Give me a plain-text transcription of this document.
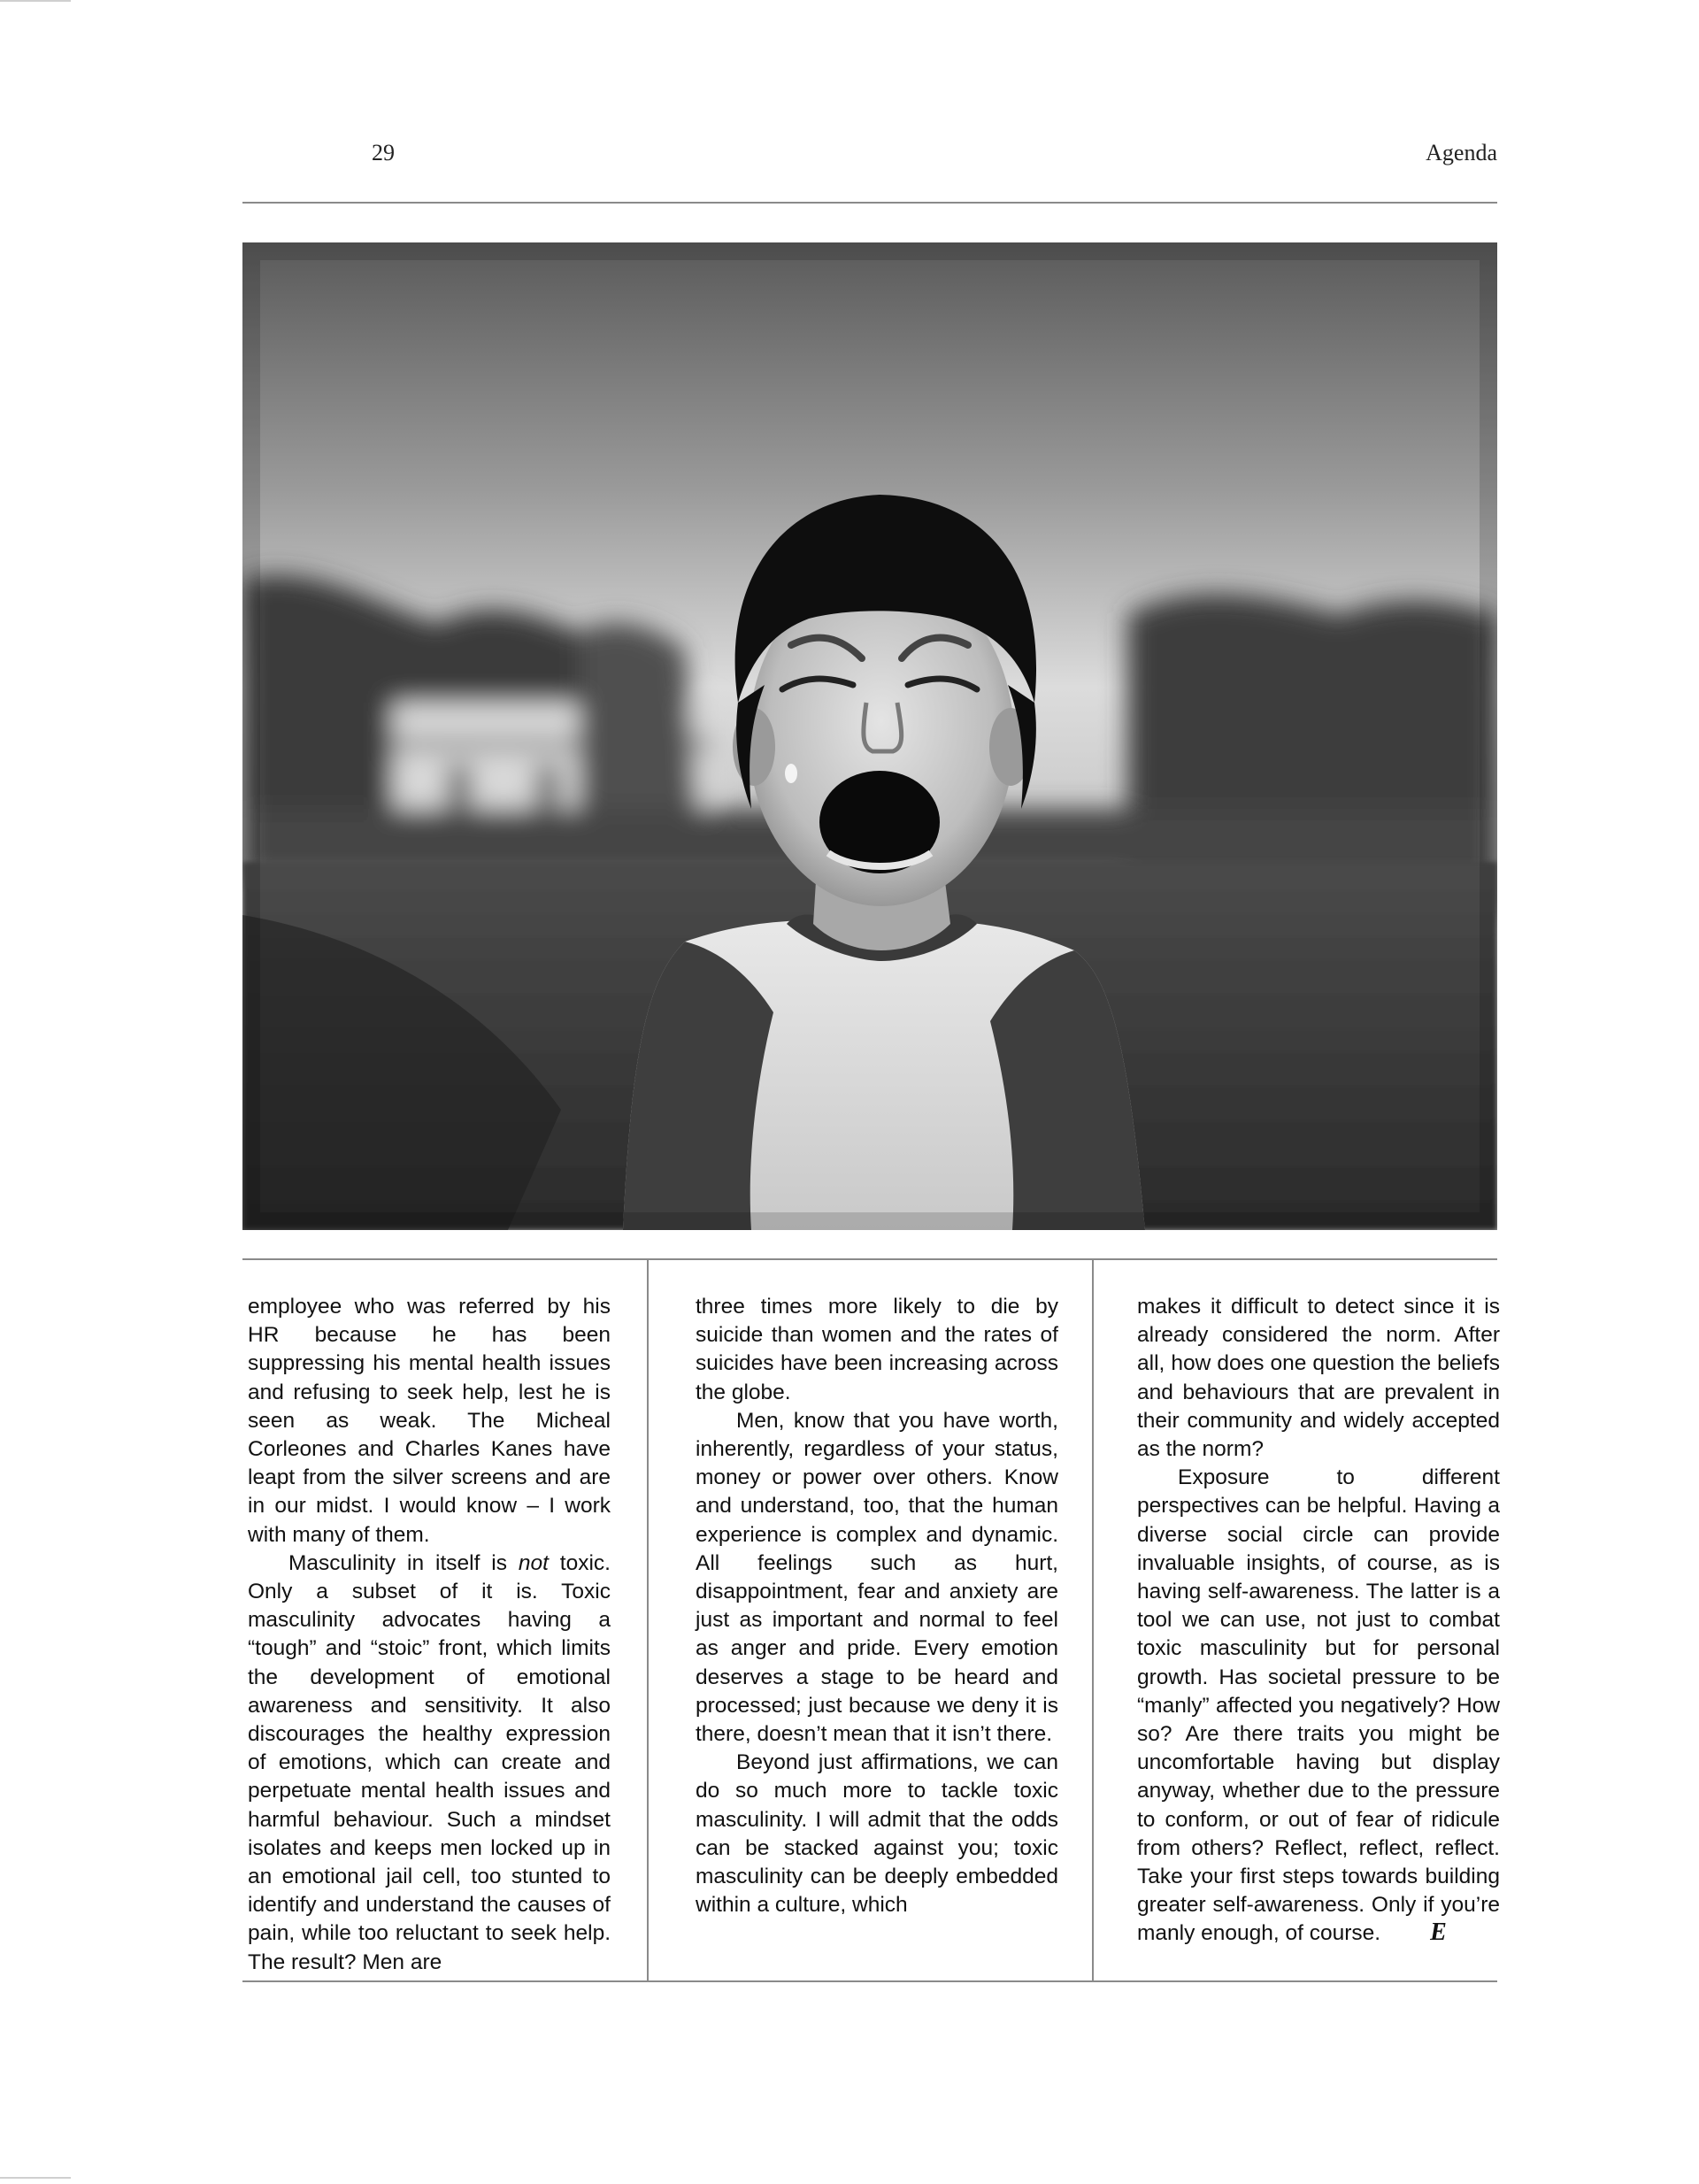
29	Agenda

employee who was referred by his HR because he has been suppressing his mental health issues and refusing to seek help, lest he is seen as weak. The Micheal Corleones and Charles Kanes have leapt from the silver screens and are in our midst. I would know – I work with many of them.

Masculinity in itself is not toxic. Only a subset of it is. Toxic masculinity advocates having a “tough” and “stoic” front, which limits the development of emotional awareness and sensitivity. It also discourages the healthy expression of emotions, which can create and perpetuate mental health issues and harmful behaviour. Such a mindset isolates and keeps men locked up in an emotional jail cell, too stunted to identify and understand the causes of pain, while too reluctant to seek help. The result? Men are

three times more likely to die by suicide than women and the rates of suicides have been increasing across the globe.

Men, know that you have worth, inherently, regardless of your status, money or power over others. Know and understand, too, that the human experience is complex and dynamic. All feelings such as hurt, disappointment, fear and anxiety are just as important and normal to feel as anger and pride. Every emotion deserves a stage to be heard and processed; just because we deny it is there, doesn’t mean that it isn’t there.

Beyond just affirmations, we can do so much more to tackle toxic masculinity. I will admit that the odds can be stacked against you; toxic masculinity can be deeply embedded within a culture, which

makes it difficult to detect since it is already considered the norm. After all, how does one question the beliefs and behaviours that are prevalent in their community and widely accepted as the norm?

Exposure to different perspectives can be helpful. Having a diverse social circle can provide invaluable insights, of course, as is having self-awareness. The latter is a tool we can use, not just to combat toxic masculinity but for personal growth. Has societal pressure to be “manly” affected you negatively? How so? Are there traits you might be uncomfortable having but display anyway, whether due to the pressure to conform, or out of fear of ridicule from others? Reflect, reflect, reflect. Take your first steps towards building greater self-awareness. Only if you’re manly enough, of course. E
